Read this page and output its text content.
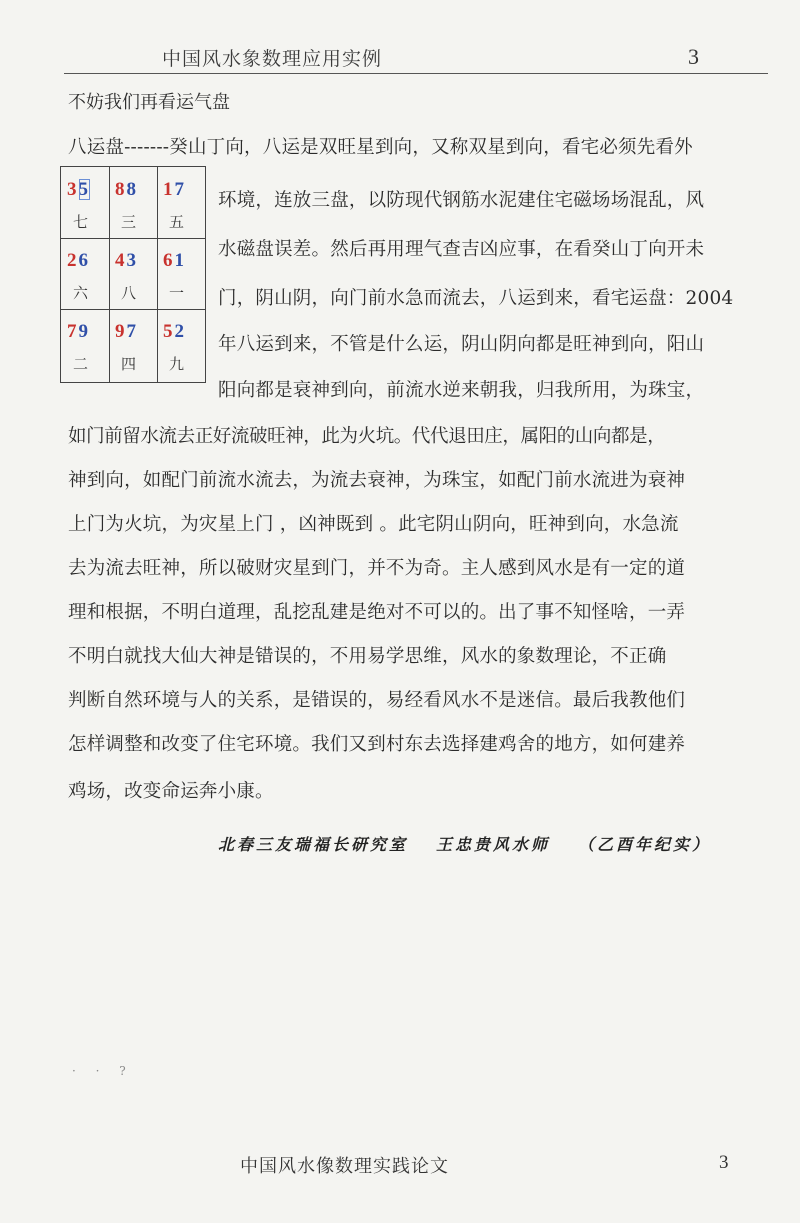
中国风水象数理应用实例	3
不妨我们再看运气盘
八运盘-------癸山丁向，八运是双旺星到向，又称双星到向，看宅必须先看外
环境，连放三盘，以防现代钢筋水泥建住宅磁场场混乱，风
水磁盘误差。然后再用理气查吉凶应事，在看癸山丁向开未
门，阴山阴，向门前水急而流去，八运到来，看宅运盘：2004
年八运到来，不管是什么运，阴山阴向都是旺神到向，阳山
阳向都是衰神到向，前流水逆来朝我，归我所用，为珠宝，
如门前留水流去正好流破旺神，此为火坑。代代退田庄，属阳的山向都是，
神到向，如配门前流水流去，为流去衰神，为珠宝，如配门前水流进为衰神
上门为火坑，为灾星上门 ，凶神既到 。此宅阴山阴向，旺神到向，水急流
去为流去旺神，所以破财灾星到门，并不为奇。主人感到风水是有一定的道
理和根据，不明白道理，乱挖乱建是绝对不可以的。出了事不知怪啥，一弄
不明白就找大仙大神是错误的，不用易学思维，风水的象数理论，不正确
判断自然环境与人的关系，是错误的，易经看风水不是迷信。最后我教他们
怎样调整和改变了住宅环境。我们又到村东去选择建鸡舍的地方，如何建养
鸡场，改变命运奔小康。
35
七
88
三
17
五
26
六
43
八
61
一
79
二
97
四
52
九
北春三友瑞福长研究室 王忠贵风水师 （乙酉年纪实）
· · ?
中国风水像数理实践论文	3
